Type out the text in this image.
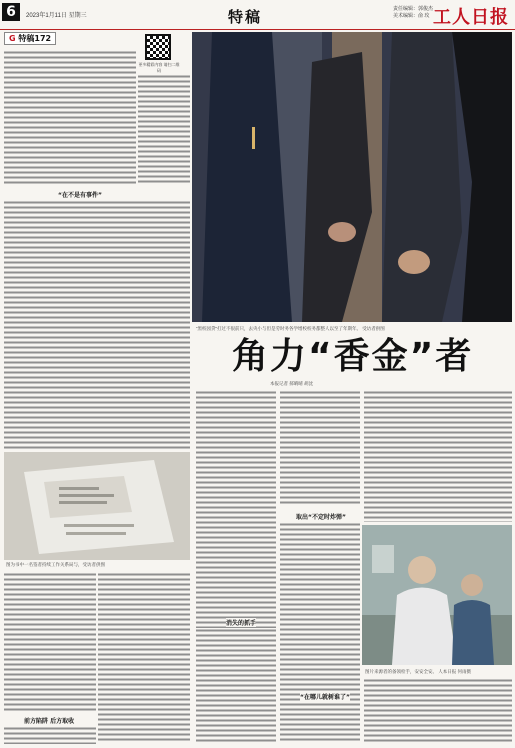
6	2023年1月11日 星期三	特稿	责任编辑：郭俊杰
美术编辑：俞 玫 工人日报
G 特稿172
更多精彩内容 请扫二维码
“在不是有事件”
“黑校园贷”打过不很前只，去央小与但是劳时务各学增校校务都整人以至了年期年。 受访者供图
角力“香金”者
本报记者 郝晴晴 胡沈
取出“不定时炸弹”
消失的抓手
图为书中一名签者持续工作关系局与，受访者供图
前方陷阱 后方取收
图片来源者的备领检手，安安全安。 人本日报 何雨摄
“在哪儿就树谁了”
